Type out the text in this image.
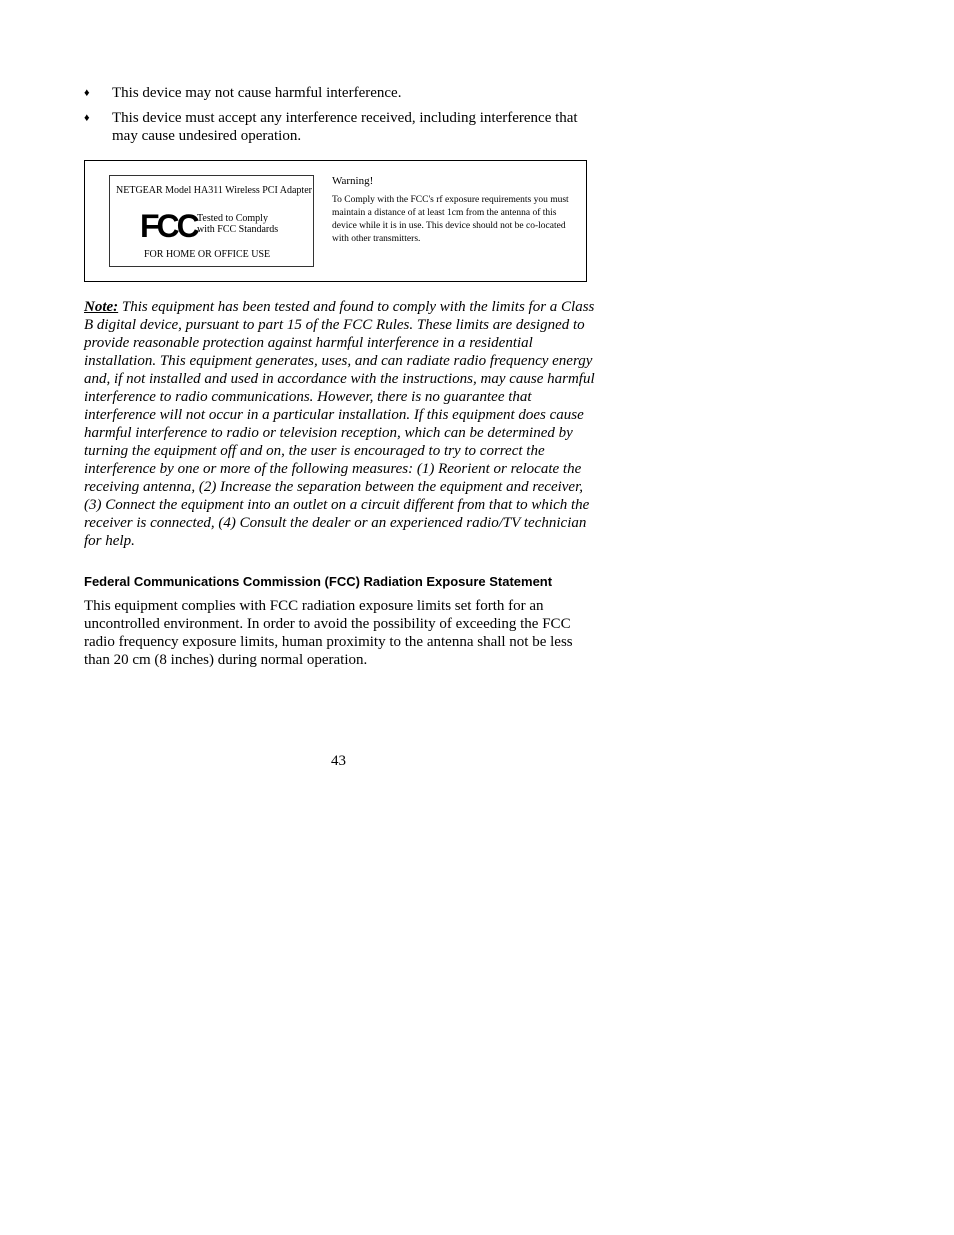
♦ This device may not cause harmful interference.
♦ This device must accept any interference received, including interference that may cause undesired operation.
NETGEAR Model HA311 Wireless PCI Adapter
FCC Tested to Comply
with FCC Standards
FOR HOME OR OFFICE USE
Warning!
To Comply with the FCC's rf exposure requirements you must maintain a distance of at least 1cm from the antenna of this device while it is in use. This device should not be co-located with other transmitters.
Note: This equipment has been tested and found to comply with the limits for a Class B digital device, pursuant to part 15 of the FCC Rules. These limits are designed to provide reasonable protection against harmful interference in a residential installation. This equipment generates, uses, and can radiate radio frequency energy and, if not installed and used in accordance with the instructions, may cause harmful interference to radio communications. However, there is no guarantee that interference will not occur in a particular installation. If this equipment does cause harmful interference to radio or television reception, which can be determined by turning the equipment off and on, the user is encouraged to try to correct the interference by one or more of the following measures: (1) Reorient or relocate the receiving antenna, (2) Increase the separation between the equipment and receiver, (3) Connect the equipment into an outlet on a circuit different from that to which the receiver is connected, (4) Consult the dealer or an experienced radio/TV technician for help.
Federal Communications Commission (FCC) Radiation Exposure Statement
This equipment complies with FCC radiation exposure limits set forth for an uncontrolled environment. In order to avoid the possibility of exceeding the FCC radio frequency exposure limits, human proximity to the antenna shall not be less than 20 cm (8 inches) during normal operation.
43
